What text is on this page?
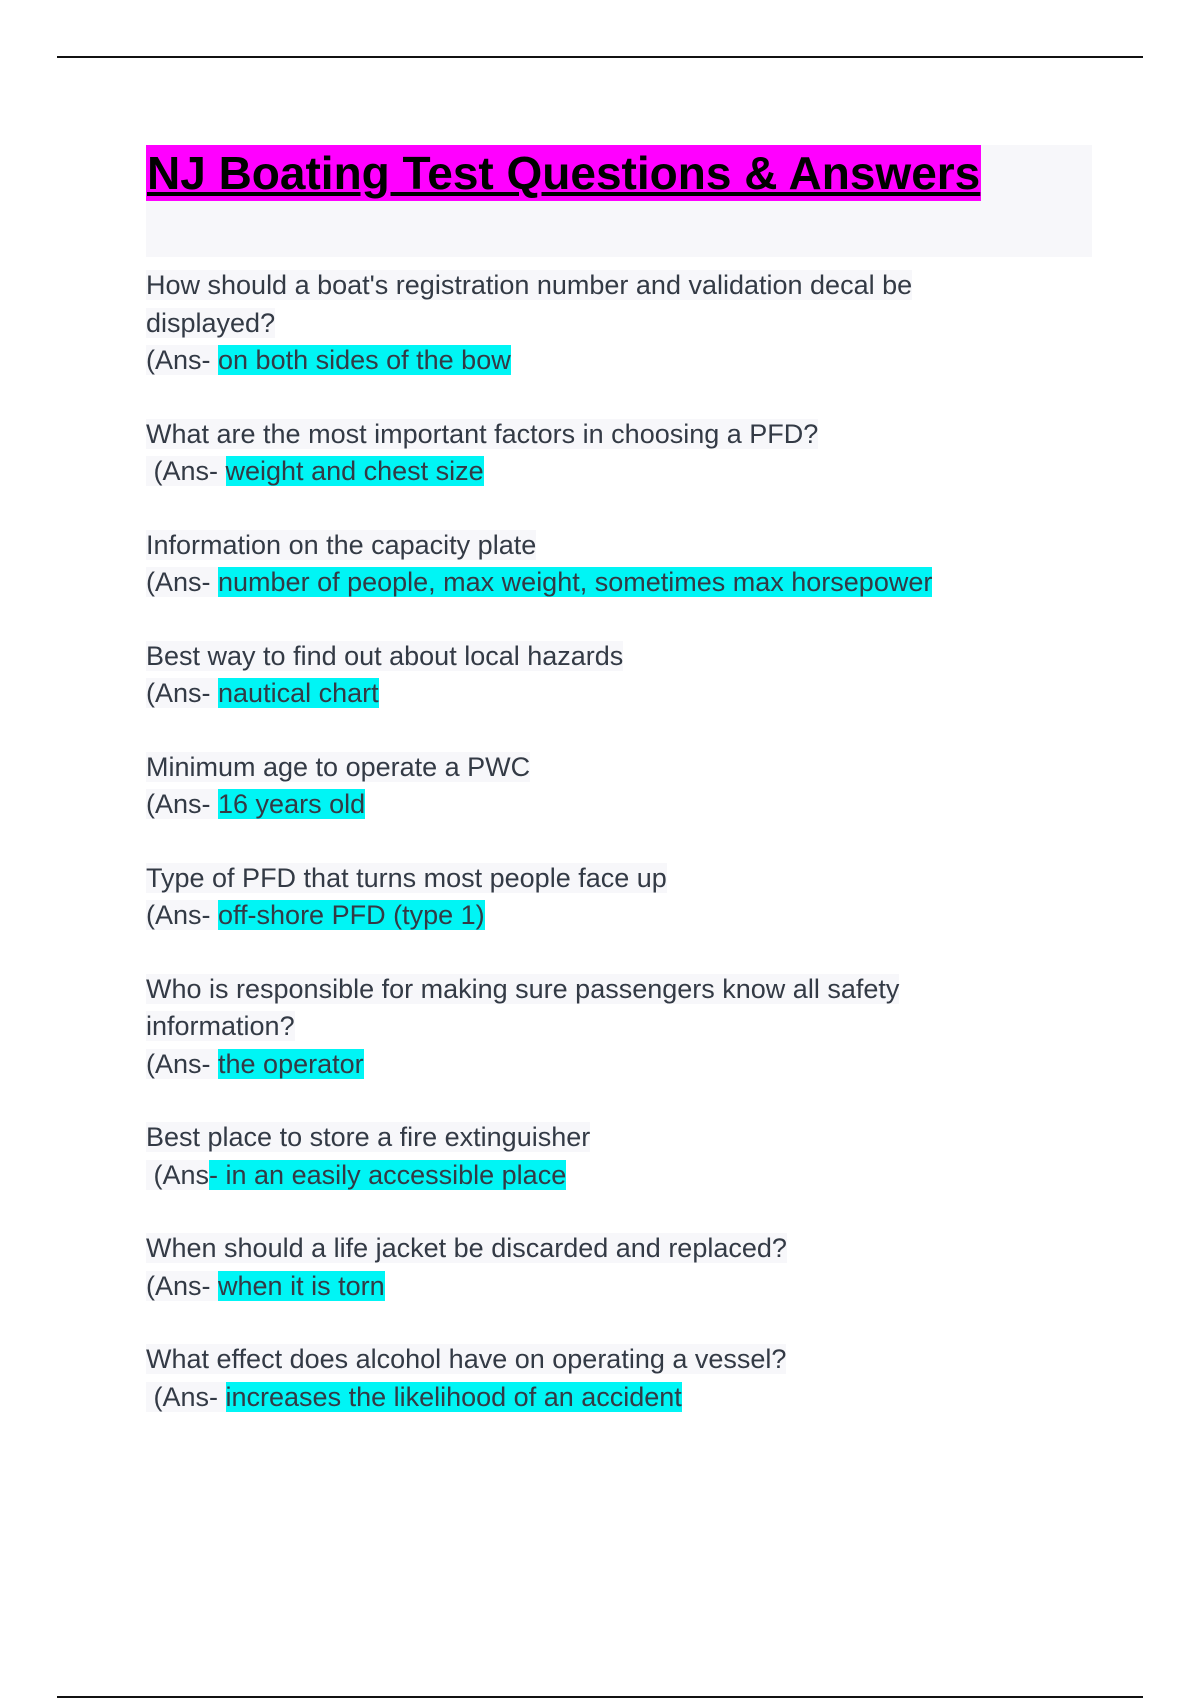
NJ Boating Test Questions & Answers
How should a boat's registration number and validation decal be
displayed?
(Ans- on both sides of the bow
What are the most important factors in choosing a PFD?
(Ans- weight and chest size
Information on the capacity plate
(Ans- number of people, max weight, sometimes max horsepower
Best way to find out about local hazards
(Ans- nautical chart
Minimum age to operate a PWC
(Ans- 16 years old
Type of PFD that turns most people face up
(Ans- off-shore PFD (type 1)
Who is responsible for making sure passengers know all safety
information?
(Ans- the operator
Best place to store a fire extinguisher
(Ans- in an easily accessible place
When should a life jacket be discarded and replaced?
(Ans- when it is torn
What effect does alcohol have on operating a vessel?
(Ans- increases the likelihood of an accident
